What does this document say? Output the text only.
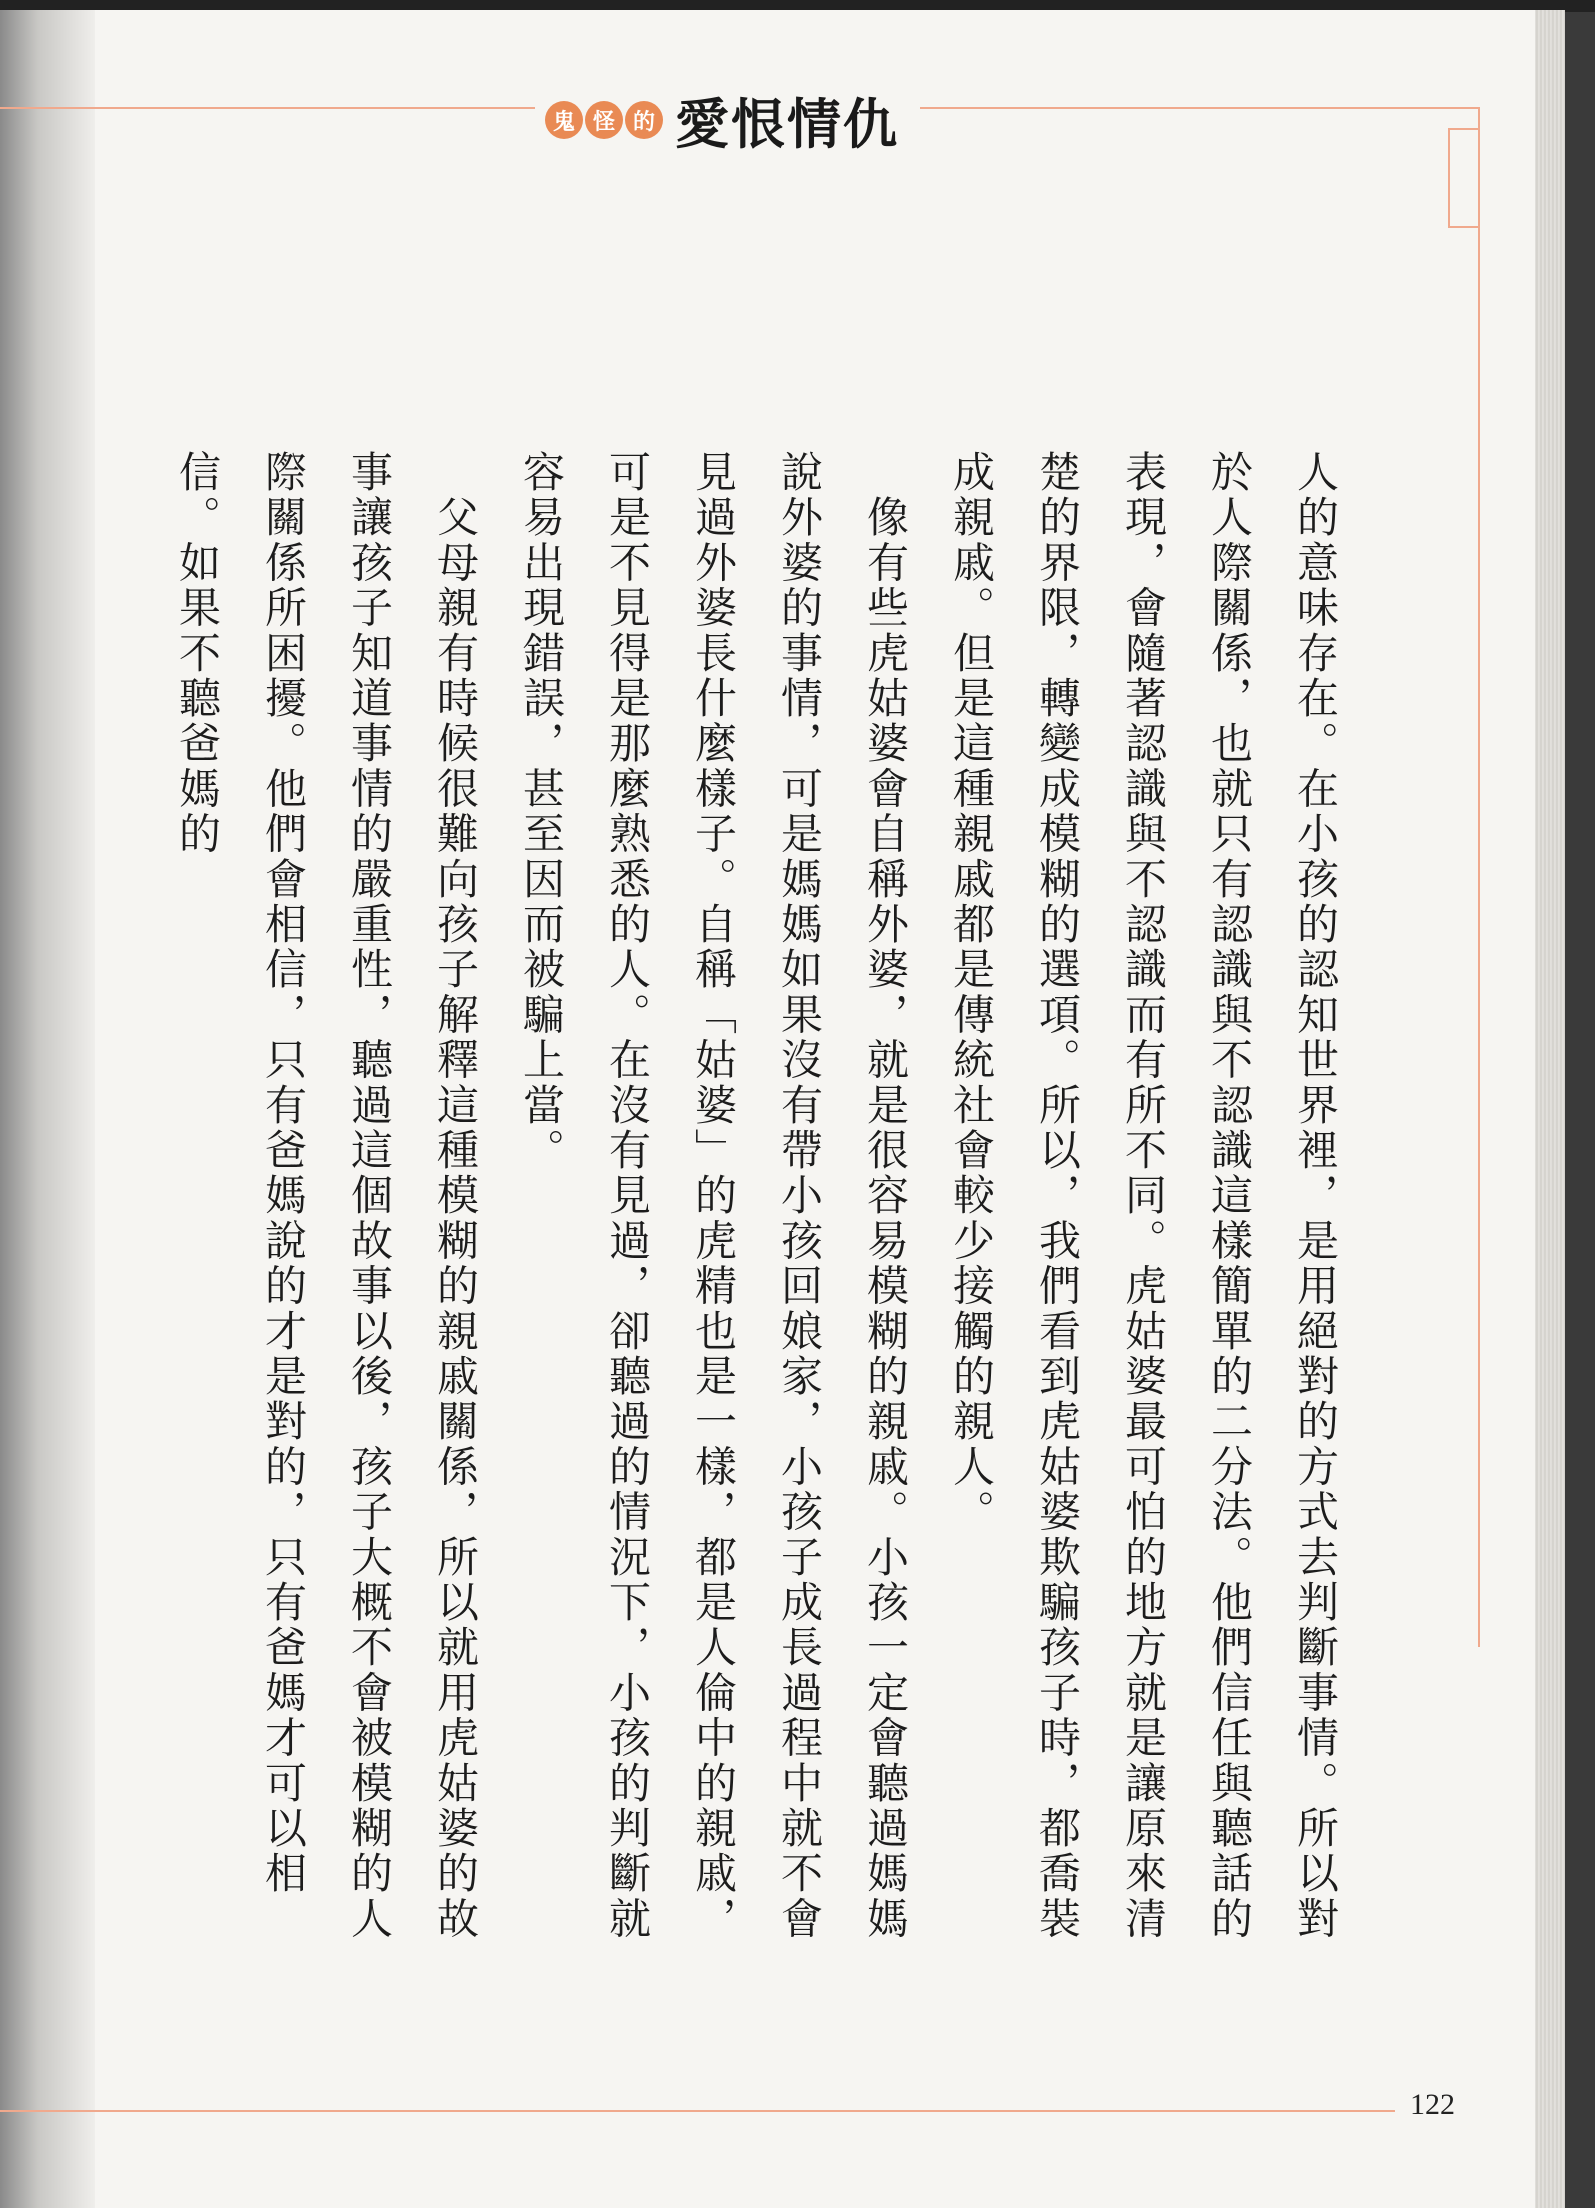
鬼 怪 的 愛恨情仇

人的意味存在。在小孩的認知世界裡，是用絕對的方式去判斷事情。所以對於人際關係，也就只有認識與不認識這樣簡單的二分法。他們信任與聽話的表現，會隨著認識與不認識而有所不同。虎姑婆最可怕的地方就是讓原來清楚的界限，轉變成模糊的選項。所以，我們看到虎姑婆欺騙孩子時，都喬裝成親戚。但是這種親戚都是傳統社會較少接觸的親人。

　像有些虎姑婆會自稱外婆，就是很容易模糊的親戚。小孩一定會聽過媽媽說外婆的事情，可是媽媽如果沒有帶小孩回娘家，小孩子成長過程中就不會見過外婆長什麼樣子。自稱「姑婆」的虎精也是一樣，都是人倫中的親戚，可是不見得是那麼熟悉的人。在沒有見過，卻聽過的情況下，小孩的判斷就容易出現錯誤，甚至因而被騙上當。

　父母親有時候很難向孩子解釋這種模糊的親戚關係，所以就用虎姑婆的故事讓孩子知道事情的嚴重性，聽過這個故事以後，孩子大概不會被模糊的人際關係所困擾。他們會相信，只有爸媽說的才是對的，只有爸媽才可以相信。如果不聽爸媽的

122
